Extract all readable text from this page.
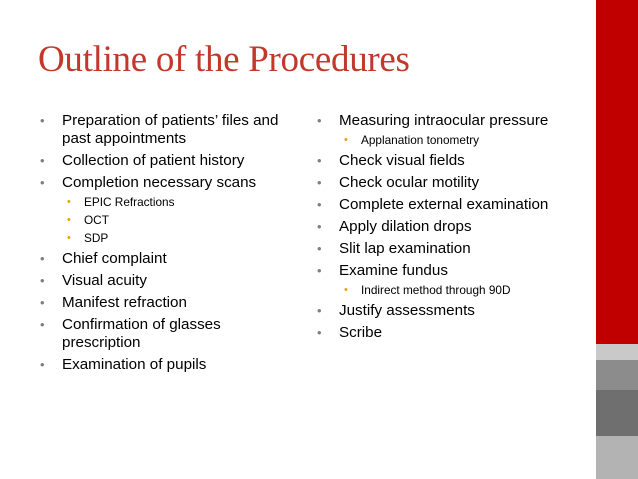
Outline of the Procedures
• Preparation of patients’ files and past appointments
• Collection of patient history
• Completion necessary scans
• EPIC Refractions
• OCT
• SDP
• Chief complaint
• Visual acuity
• Manifest refraction
• Confirmation of glasses prescription
• Examination of pupils
• Measuring intraocular pressure
• Applanation tonometry
• Check visual fields
• Check ocular motility
• Complete external examination
• Apply dilation drops
• Slit lap examination
• Examine fundus
• Indirect method through 90D
• Justify assessments
• Scribe
